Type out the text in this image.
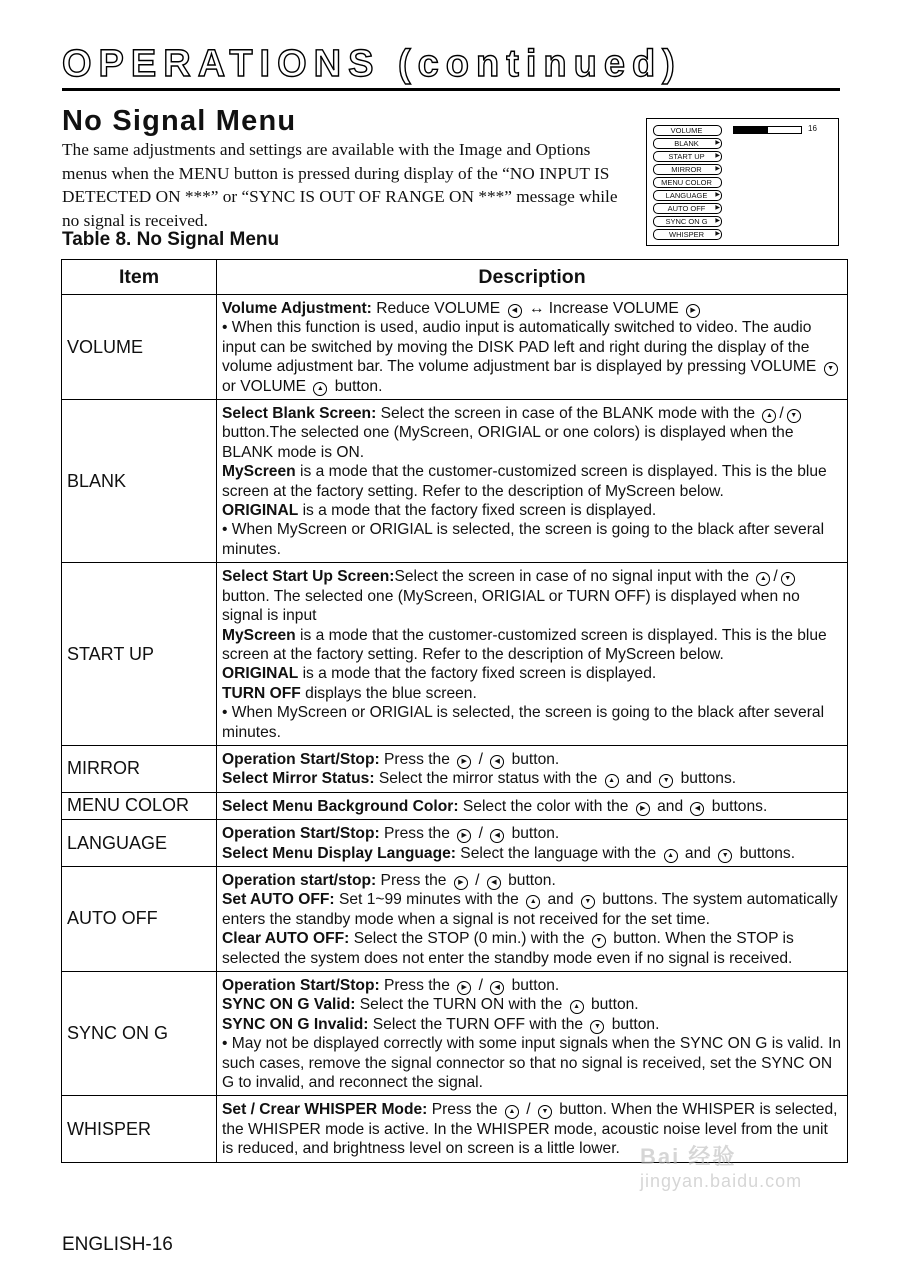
OPERATIONS (continued)
No Signal Menu
The same adjustments and settings are available with the Image and Options menus when the MENU button is pressed during display of the “NO INPUT IS DETECTED ON ***” or “SYNC IS OUT OF RANGE ON ***” message while no signal is received.
Table 8. No Signal Menu
VOLUME
BLANK	▶
START UP ▶
MIRROR ▶
MENU COLOR
LANGUAGE ▶
AUTO OFF ▶
SYNC ON G ▶
WHISPER ▶
16
Item	Description
VOLUME	Volume Adjustment: Reduce VOLUME ◀ ↔ Increase VOLUME ▶
• When this function is used, audio input is automatically switched to video. The audio input can be switched by moving the DISK PAD left and right during the display of the volume adjustment bar. The volume adjustment bar is displayed by pressing VOLUME ▼ or VOLUME ▲ button.
BLANK	Select Blank Screen: Select the screen in case of the BLANK mode with the ▲ / ▼ button.The selected one (MyScreen, ORIGIAL or one colors) is displayed when the BLANK mode is ON.
MyScreen is a mode that the customer-customized screen is displayed. This is the blue screen at the factory setting. Refer to the description of MyScreen below.
ORIGINAL is a mode that the factory fixed screen is displayed.
• When MyScreen or ORIGIAL is selected, the screen is going to the black after several minutes.
START UP	Select Start Up Screen:Select the screen in case of no signal input with the ▲ / ▼ button. The selected one (MyScreen, ORIGIAL or TURN OFF) is displayed when no signal is input
MyScreen is a mode that the customer-customized screen is displayed. This is the blue screen at the factory setting. Refer to the description of MyScreen below.
ORIGINAL is a mode that the factory fixed screen is displayed.
TURN OFF displays the blue screen.
• When MyScreen or ORIGIAL is selected, the screen is going to the black after several minutes.
MIRROR	Operation Start/Stop: Press the ▶ / ◀ button.
Select Mirror Status: Select the mirror status with the ▲ and ▼ buttons.
MENU COLOR	Select Menu Background Color: Select the color with the ▶ and ◀ buttons.
LANGUAGE	Operation Start/Stop: Press the ▶ / ◀ button.
Select Menu Display Language: Select the language with the ▲ and ▼ buttons.
AUTO OFF	Operation start/stop: Press the ▶ / ◀ button.
Set AUTO OFF: Set 1~99 minutes with the ▲ and ▼ buttons. The system automatically enters the standby mode when a signal is not received for the set time.
Clear AUTO OFF: Select the STOP (0 min.) with the ▼ button. When the STOP is selected the system does not enter the standby mode even if no signal is received.
SYNC ON G	Operation Start/Stop: Press the ▶ / ◀ button.
SYNC ON G Valid: Select the TURN ON with the ▲ button.
SYNC ON G Invalid: Select the TURN OFF with the ▼ button.
• May not be displayed correctly with some input signals when the SYNC ON G is valid. In such cases, remove the signal connector so that no signal is received, set the SYNC ON G to invalid, and reconnect the signal.
WHISPER	Set / Crear WHISPER Mode: Press the ▲ / ▼ button. When the WHISPER is selected, the WHISPER mode is active. In the WHISPER mode, acoustic noise level from the unit is reduced, and brightness level on screen is a little lower.
ENGLISH-16
Bai 经验
jingyan.baidu.com
